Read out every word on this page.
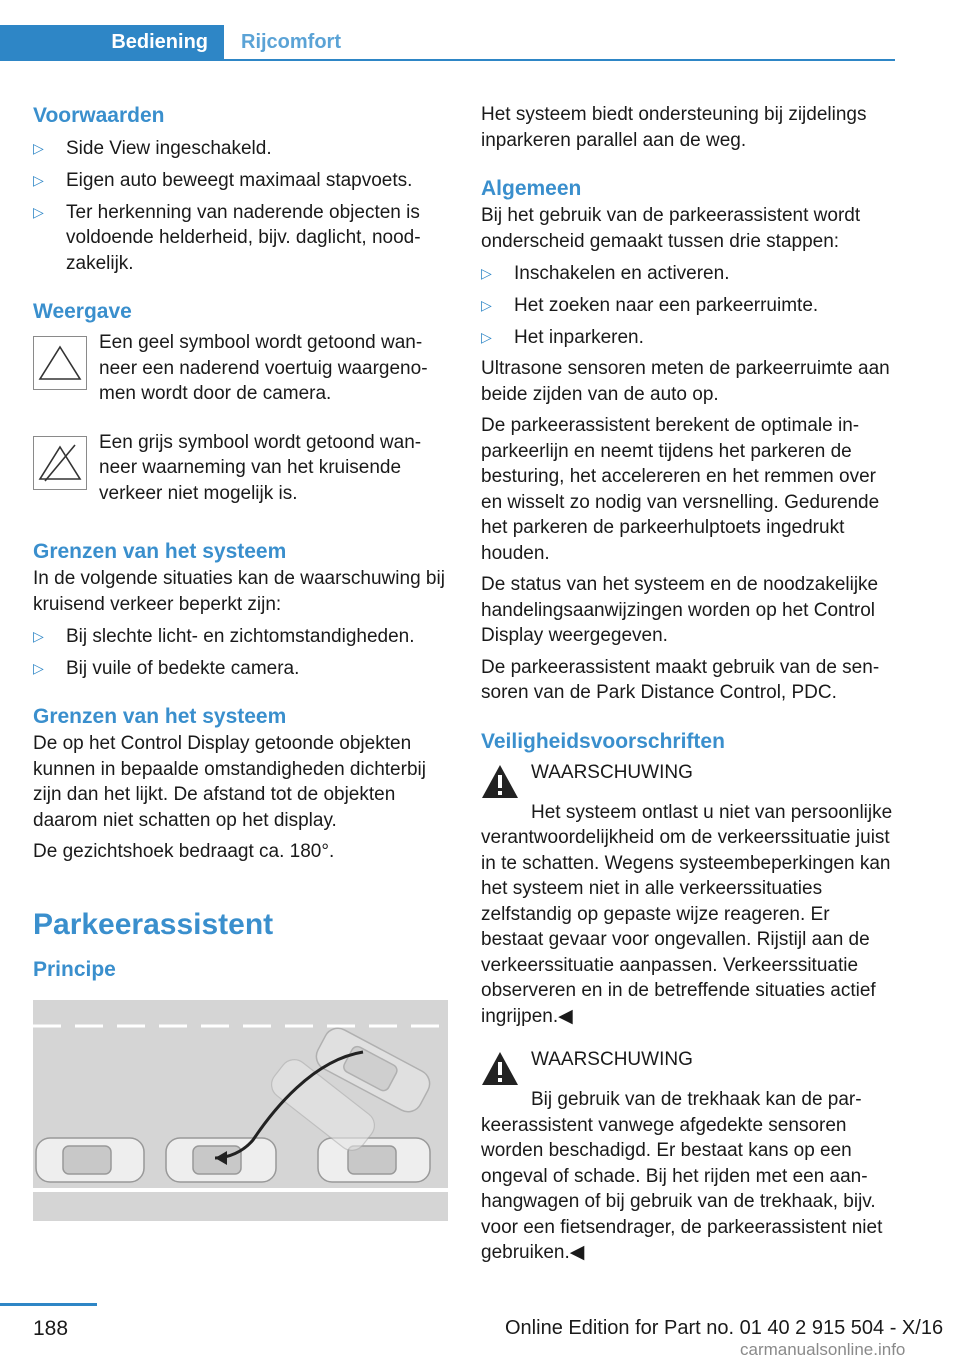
Bediening	Rijcomfort
Voorwaarden
▷ Side View ingeschakeld.
▷ Eigen auto beweegt maximaal stapvoets.
▷ Ter herkenning van naderende objecten is voldoende helderheid, bijv. daglicht, noodzakelijk.
Weergave

Een geel symbool wordt getoond wanneer een naderend voertuig waargenomen wordt door de camera.

Een grijs symbool wordt getoond wanneer waarneming van het kruisende verkeer niet mogelijk is.

Grenzen van het systeem

In de volgende situaties kan de waarschuwing bij kruisend verkeer beperkt zijn:

▷ Bij slechte licht- en zichtomstandigheden.
▷ Bij vuile of bedekte camera.
Grenzen van het systeem

De op het Control Display getoonde objekten kunnen in bepaalde omstandigheden dichterbij zijn dan het lijkt. De afstand tot de objekten daarom niet schatten op het display.

De gezichtshoek bedraagt ca. 180°.

Parkeerassistent
Principe

Het systeem biedt ondersteuning bij zijdelings inparkeren parallel aan de weg.

Algemeen

Bij het gebruik van de parkeerassistent wordt onderscheid gemaakt tussen drie stappen:

▷ Inschakelen en activeren.
▷ Het zoeken naar een parkeerruimte.
▷ Het inparkeren.

Ultrasone sensoren meten de parkeerruimte aan beide zijden van de auto op.

De parkeerassistent berekent de optimale inparkeerlijn en neemt tijdens het parkeren de besturing, het accelereren en het remmen over en wisselt zo nodig van versnelling. Gedurende het parkeren de parkeerhulptoets ingedrukt houden.

De status van het systeem en de noodzakelijke handelingsaanwijzingen worden op het Control Display weergegeven.

De parkeerassistent maakt gebruik van de sensoren van de Park Distance Control, PDC.

Veiligheidsvoorschriften
WAARSCHUWING

Het systeem ontlast u niet van persoonlijke verantwoordelijkheid om de verkeerssituatie juist in te schatten. Wegens systeembeperkingen kan het systeem niet in alle verkeerssituaties zelfstandig op gepaste wijze reageren. Er bestaat gevaar voor ongevallen. Rijstijl aan de verkeerssituatie aanpassen. Verkeerssituatie observeren en in de betreffende situaties actief ingrijpen.◀

WAARSCHUWING

Bij gebruik van de trekhaak kan de parkeerassistent vanwege afgedekte sensoren worden beschadigd. Er bestaat kans op een ongeval of schade. Bij het rijden met een aanhangwagen of bij gebruik van de trekhaak, bijv. voor een fietsendrager, de parkeerassistent niet gebruiken.◀

188	Online Edition for Part no. 01 40 2 915 504 - X/16
carmanualsonline.info
